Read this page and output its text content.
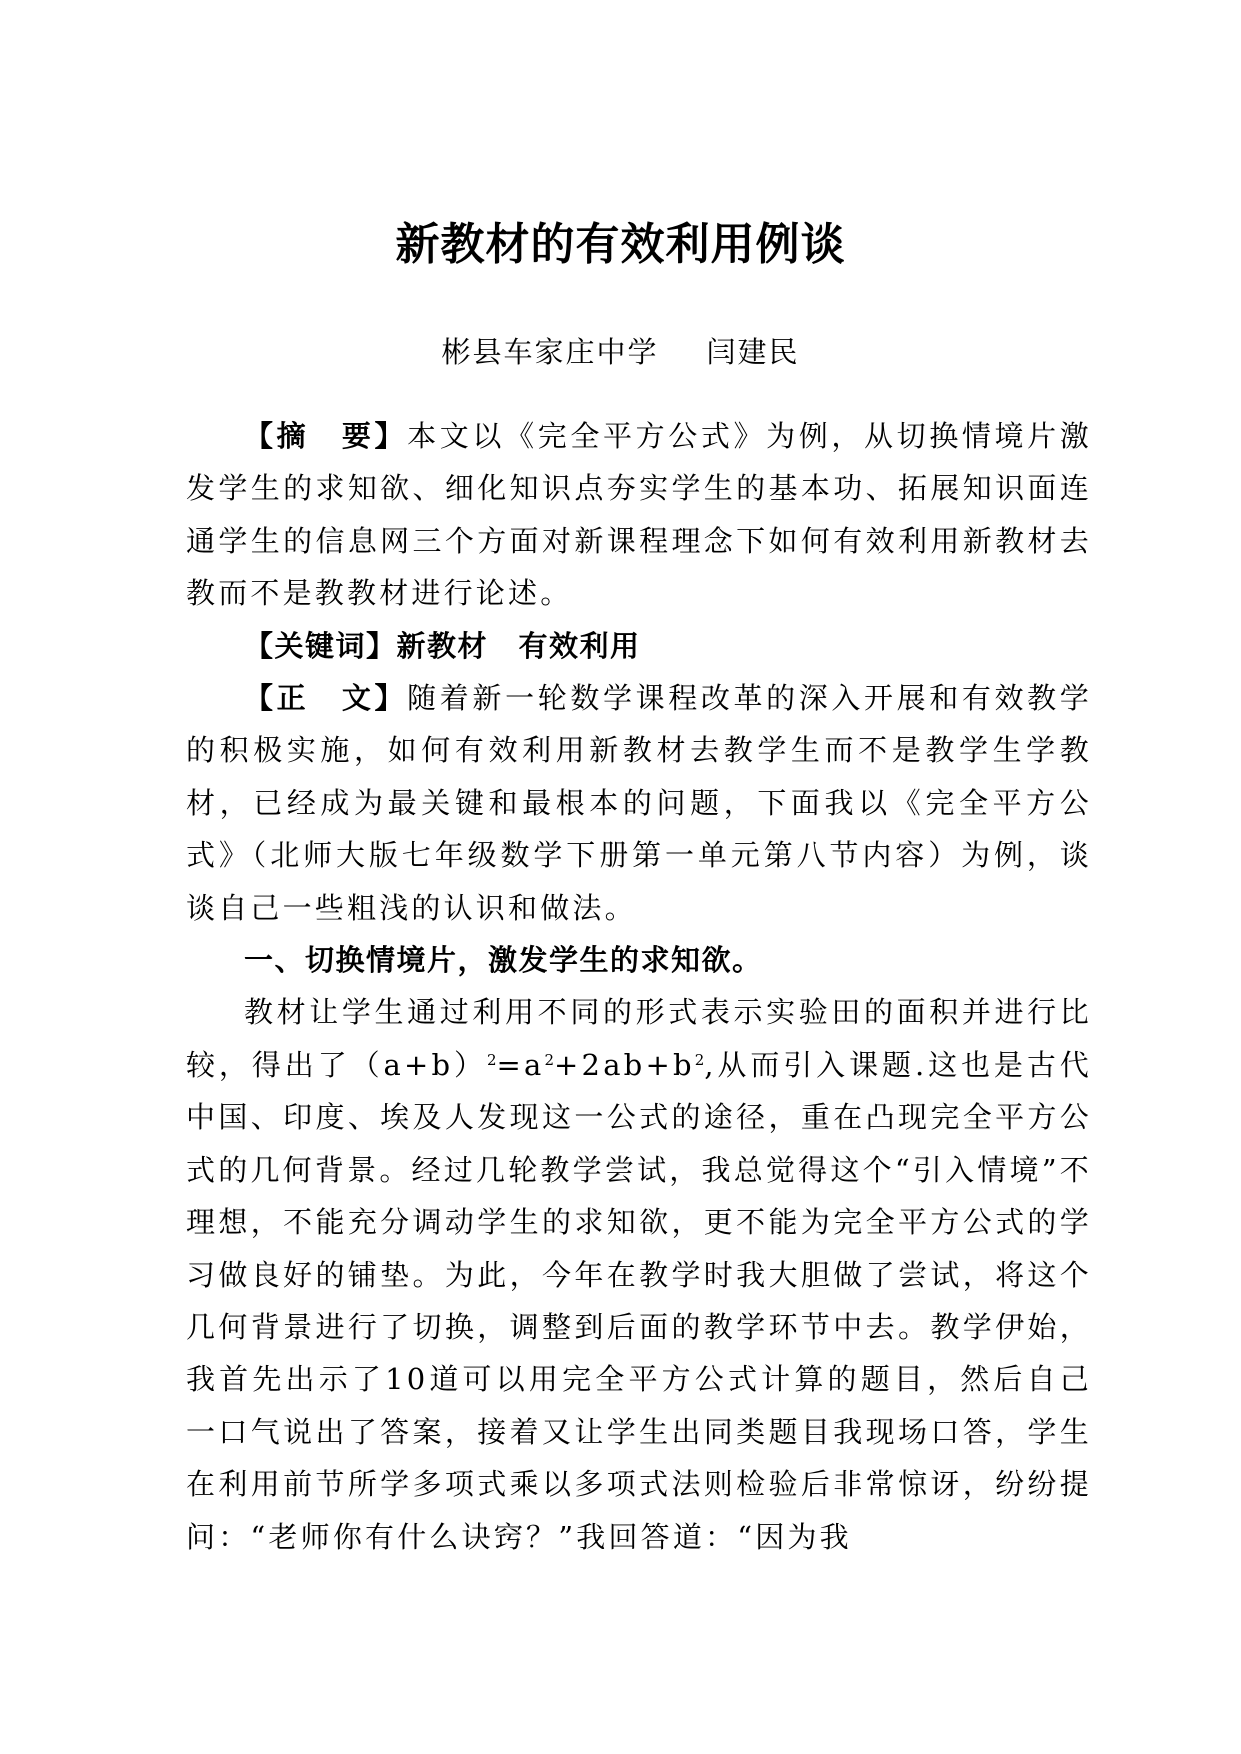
新教材的有效利用例谈
彬县车家庄中学 闫建民

【摘　要】本文以《完全平方公式》为例，从切换情境片激发学生的求知欲、细化知识点夯实学生的基本功、拓展知识面连通学生的信息网三个方面对新课程理念下如何有效利用新教材去教而不是教教材进行论述。

【关键词】新教材　有效利用

【正　文】随着新一轮数学课程改革的深入开展和有效教学的积极实施，如何有效利用新教材去教学生而不是教学生学教材，已经成为最关键和最根本的问题，下面我以《完全平方公式》（北师大版七年级数学下册第一单元第八节内容）为例，谈谈自己一些粗浅的认识和做法。

一、切换情境片，激发学生的求知欲。

教材让学生通过利用不同的形式表示实验田的面积并进行比较，得出了$(a+b)^2=a^2+2ab+b^2$,从而引入课题.这也是古代中国、印度、埃及人发现这一公式的途径，重在凸现完全平方公式的几何背景。经过几轮教学尝试，我总觉得这个“引入情境”不理想，不能充分调动学生的求知欲，更不能为完全平方公式的学习做良好的铺垫。为此，今年在教学时我大胆做了尝试，将这个几何背景进行了切换，调整到后面的教学环节中去。教学伊始，我首先出示了10道可以用完全平方公式计算的题目，然后自己一口气说出了答案，接着又让学生出同类题目我现场口答，学生在利用前节所学多项式乘以多项式法则检验后非常惊讶，纷纷提问：“老师你有什么诀窍？”我回答道：“因为我
